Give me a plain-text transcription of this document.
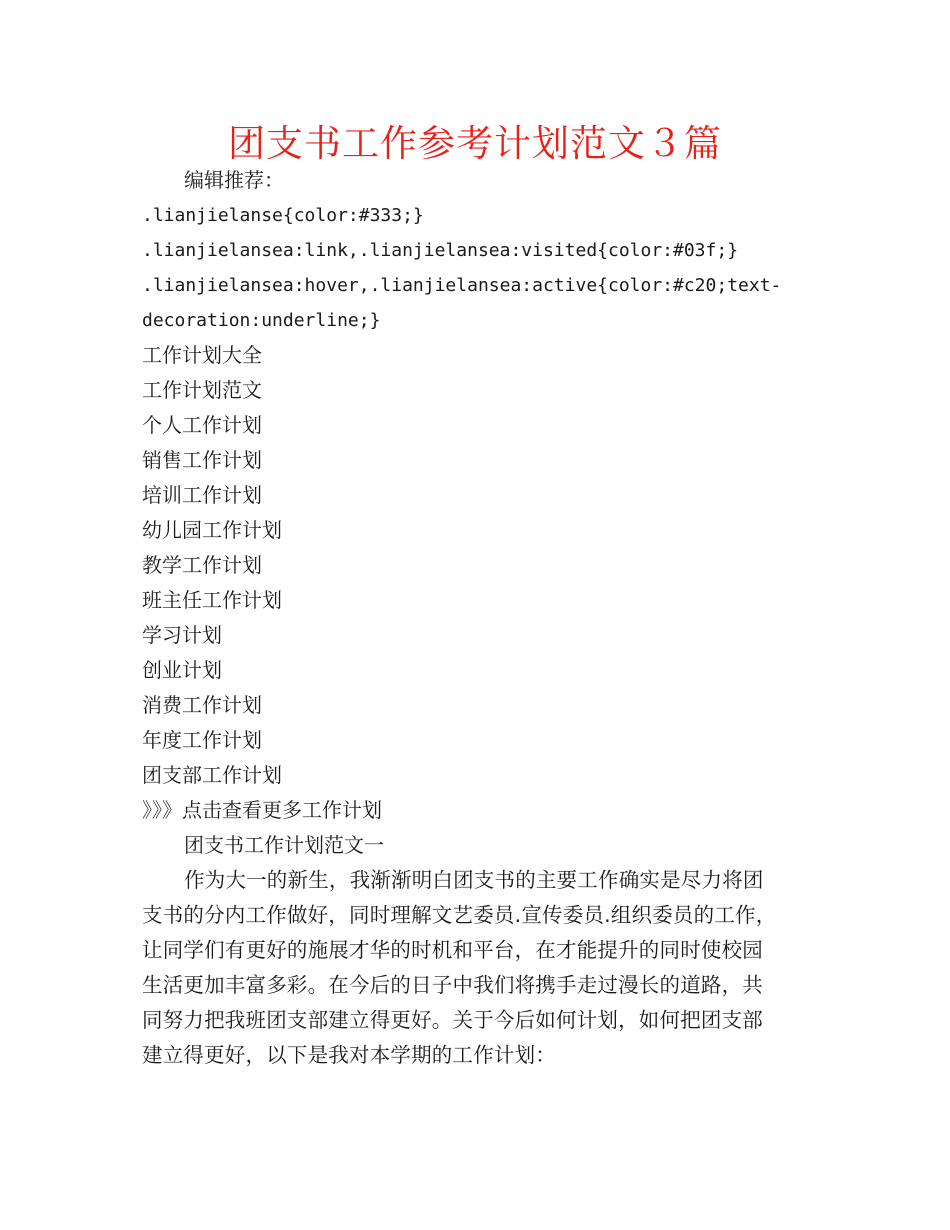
团支书工作参考计划范文３篇

编辑推荐：

.lianjielanse{color:#333;}

.lianjielansea:link,.lianjielansea:visited{color:#03f;}

.lianjielansea:hover,.lianjielansea:active{color:#c20;text-

decoration:underline;}

工作计划大全

工作计划范文

个人工作计划

销售工作计划

培训工作计划

幼儿园工作计划

教学工作计划

班主任工作计划

学习计划

创业计划

消费工作计划

年度工作计划

团支部工作计划

》》》点击查看更多工作计划

团支书工作计划范文一

作为大一的新生，我渐渐明白团支书的主要工作确实是尽力将团

支书的分内工作做好，同时理解文艺委员.宣传委员.组织委员的工作，

让同学们有更好的施展才华的时机和平台，在才能提升的同时使校园

生活更加丰富多彩。在今后的日子中我们将携手走过漫长的道路，共

同努力把我班团支部建立得更好。关于今后如何计划，如何把团支部

建立得更好，以下是我对本学期的工作计划：
